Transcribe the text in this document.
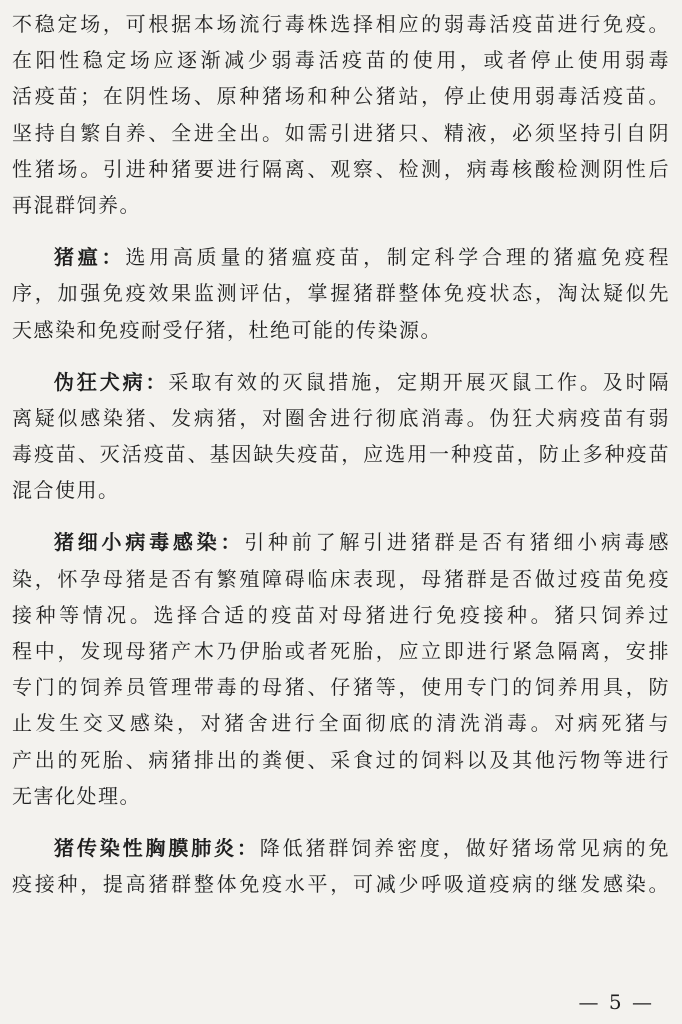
不稳定场，可根据本场流行毒株选择相应的弱毒活疫苗进行免疫。
在阳性稳定场应逐渐减少弱毒活疫苗的使用，或者停止使用弱毒
活疫苗；在阴性场、原种猪场和种公猪站，停止使用弱毒活疫苗。
坚持自繁自养、全进全出。如需引进猪只、精液，必须坚持引自阴
性猪场。引进种猪要进行隔离、观察、检测，病毒核酸检测阴性后
再混群饲养。
猪瘟：选用高质量的猪瘟疫苗，制定科学合理的猪瘟免疫程
序，加强免疫效果监测评估，掌握猪群整体免疫状态，淘汰疑似先
天感染和免疫耐受仔猪，杜绝可能的传染源。
伪狂犬病：采取有效的灭鼠措施，定期开展灭鼠工作。及时隔
离疑似感染猪、发病猪，对圈舍进行彻底消毒。伪狂犬病疫苗有弱
毒疫苗、灭活疫苗、基因缺失疫苗，应选用一种疫苗，防止多种疫苗
混合使用。
猪细小病毒感染：引种前了解引进猪群是否有猪细小病毒感
染，怀孕母猪是否有繁殖障碍临床表现，母猪群是否做过疫苗免疫
接种等情况。选择合适的疫苗对母猪进行免疫接种。猪只饲养过
程中，发现母猪产木乃伊胎或者死胎，应立即进行紧急隔离，安排
专门的饲养员管理带毒的母猪、仔猪等，使用专门的饲养用具，防
止发生交叉感染，对猪舍进行全面彻底的清洗消毒。对病死猪与
产出的死胎、病猪排出的粪便、采食过的饲料以及其他污物等进行
无害化处理。
猪传染性胸膜肺炎：降低猪群饲养密度，做好猪场常见病的免
疫接种，提高猪群整体免疫水平，可减少呼吸道疫病的继发感染。
— 5 —
